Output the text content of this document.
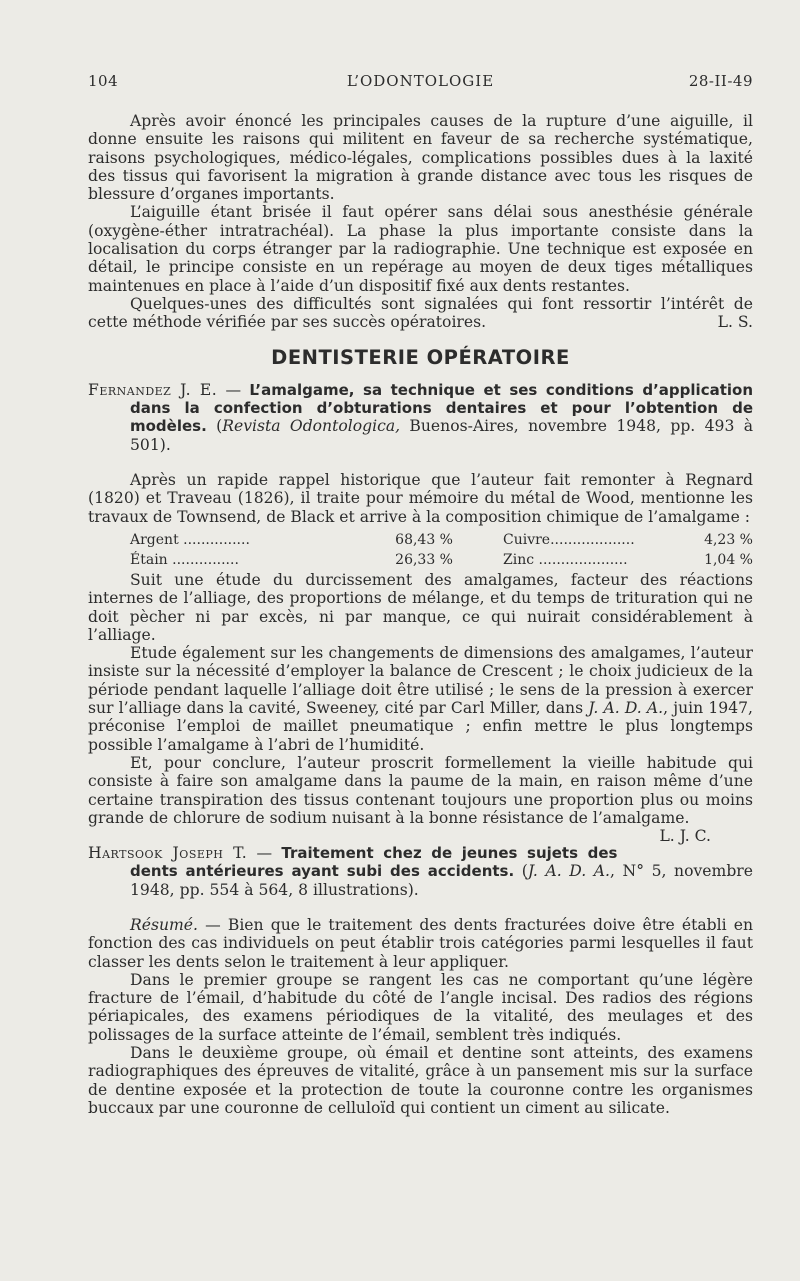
104	L’ODONTOLOGIE	28-II-49

Après avoir énoncé les principales causes de la rupture d’une aiguille, il donne ensuite les raisons qui militent en faveur de sa recherche systématique, raisons psychologiques, médico-légales, complications possibles dues à la laxité des tissus qui favorisent la migration à grande distance avec tous les risques de blessure d’organes importants.

L’aiguille étant brisée il faut opérer sans délai sous anesthésie générale (oxygène-éther intratrachéal). La phase la plus importante consiste dans la localisation du corps étranger par la radiographie. Une technique est exposée en détail, le principe consiste en un repérage au moyen de deux tiges métalliques maintenues en place à l’aide d’un dispositif fixé aux dents restantes.

Quelques-unes des difficultés sont signalées qui font ressortir l’intérêt de cette méthode vérifiée par ses succès opératoires.	L. S.

DENTISTERIE OPÉRATOIRE

Fernandez J. E. — L’amalgame, sa technique et ses conditions d’application dans la confection d’obturations dentaires et pour l’obtention de modèles. (Revista Odontologica, Buenos-Aires, novembre 1948, pp. 493 à 501).

Après un rapide rappel historique que l’auteur fait remonter à Regnard (1820) et Traveau (1826), il traite pour mémoire du métal de Wood, mentionne les travaux de Townsend, de Black et arrive à la composition chimique de l’amalgame :

Argent ...............	68,43 %	Cuivre...................	4,23 %
Étain ...............	26,33 %	Zinc ....................	1,04 %

Suit une étude du durcissement des amalgames, facteur des réactions internes de l’alliage, des proportions de mélange, et du temps de trituration qui ne doit pècher ni par excès, ni par manque, ce qui nuirait considérablement à l’alliage.

Etude également sur les changements de dimensions des amalgames, l’auteur insiste sur la nécessité d’employer la balance de Crescent ; le choix judicieux de la période pendant laquelle l’alliage doit être utilisé ; le sens de la pression à exercer sur l’alliage dans la cavité, Sweeney, cité par Carl Miller, dans J. A. D. A., juin 1947, préconise l’emploi de maillet pneumatique ; enfin mettre le plus longtemps possible l’amalgame à l’abri de l’humidité.

Et, pour conclure, l’auteur proscrit formellement la vieille habitude qui consiste à faire son amalgame dans la paume de la main, en raison même d’une certaine transpiration des tissus contenant toujours une proportion plus ou moins grande de chlorure de sodium nuisant à la bonne résistance de l’amalgame.
L. J. C.

Hartsook Joseph T. — Traitement chez de jeunes sujets des dents antérieures ayant subi des accidents. (J. A. D. A., N° 5, novembre 1948, pp. 554 à 564, 8 illustrations).

Résumé. — Bien que le traitement des dents fracturées doive être établi en fonction des cas individuels on peut établir trois catégories parmi lesquelles il faut classer les dents selon le traitement à leur appliquer.

Dans le premier groupe se rangent les cas ne comportant qu’une légère fracture de l’émail, d’habitude du côté de l’angle incisal. Des radios des régions périapicales, des examens périodiques de la vitalité, des meulages et des polissages de la surface atteinte de l’émail, semblent très indiqués.

Dans le deuxième groupe, où émail et dentine sont atteints, des examens radiographiques des épreuves de vitalité, grâce à un pansement mis sur la surface de dentine exposée et la protection de toute la couronne contre les organismes buccaux par une couronne de celluloïd qui contient un ciment au silicate.
